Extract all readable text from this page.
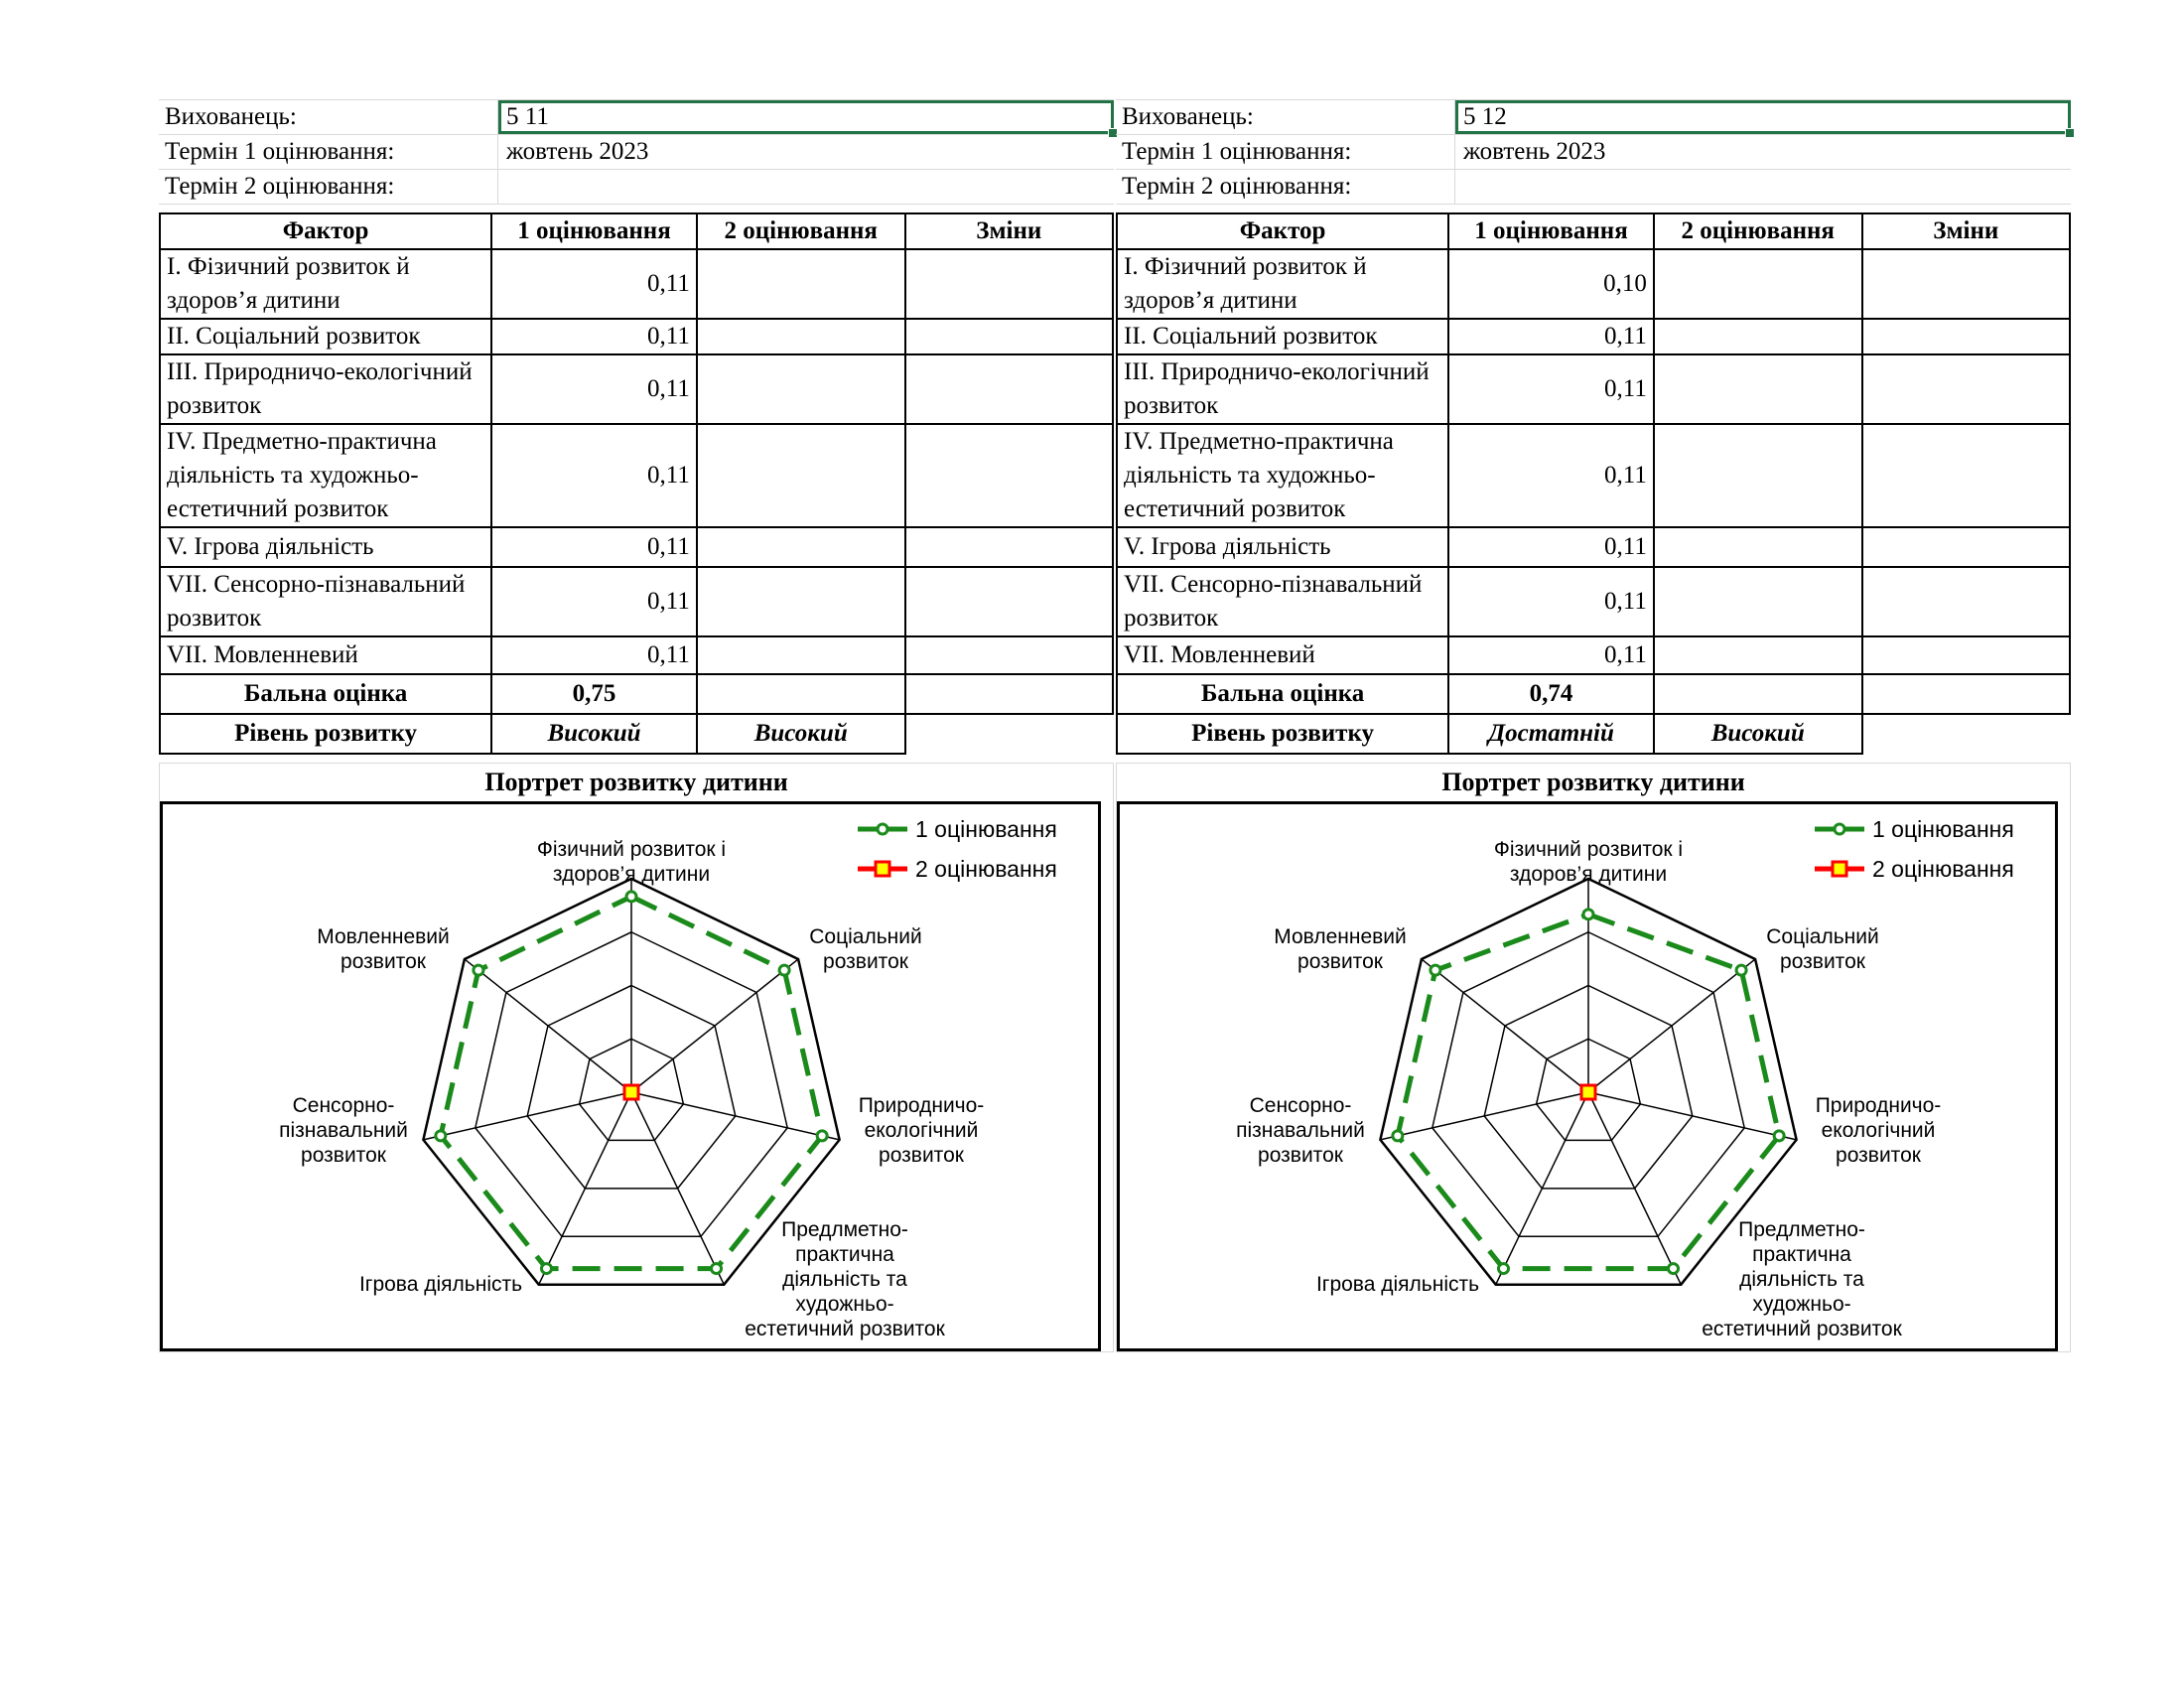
Вихованець:	5 11
Термін 1 оцінювання:	жовтень 2023
Термін 2 оцінювання:
Фактор	1 оцінювання	2 оцінювання	Зміни
І. Фізичний розвиток й здоров’я дитини	0,11		
ІІ. Соціальний розвиток	0,11		
ІІІ. Природничо-екологічний розвиток	0,11		
IV. Предметно-практична діяльність та художньо-естетичний розвиток	0,11		
V. Ігрова діяльність	0,11		
VІІ. Сенсорно-пізнавальний розвиток	0,11		
VІІ. Мовленневий	0,11		
Бальна оцінка	0,75		
Рівень розвитку	Високий	Високий	
Портрет розвитку дитини
Фізичний розвиток і здоров’я дитини
Соціальний розвиток
Природничо-екологічний розвиток
Предлметно-практична діяльність та художньо-естетичний розвиток
Ігрова діяльність
Сенсорно-пізнавальний розвиток
Мовленневий розвиток
1 оцінювання
2 оцінювання
Вихованець:	5 12
Термін 1 оцінювання:	жовтень 2023
Термін 2 оцінювання:
Фактор	1 оцінювання	2 оцінювання	Зміни
І. Фізичний розвиток й здоров’я дитини	0,10		
ІІ. Соціальний розвиток	0,11		
ІІІ. Природничо-екологічний розвиток	0,11		
IV. Предметно-практична діяльність та художньо-естетичний розвиток	0,11		
V. Ігрова діяльність	0,11		
VІІ. Сенсорно-пізнавальний розвиток	0,11		
VІІ. Мовленневий	0,11		
Бальна оцінка	0,74		
Рівень розвитку	Достатній	Високий	
Портрет розвитку дитини
Фізичний розвиток і здоров’я дитини
Соціальний розвиток
Природничо-екологічний розвиток
Предлметно-практична діяльність та художньо-естетичний розвиток
Ігрова діяльність
Сенсорно-пізнавальний розвиток
Мовленневий розвиток
1 оцінювання
2 оцінювання
